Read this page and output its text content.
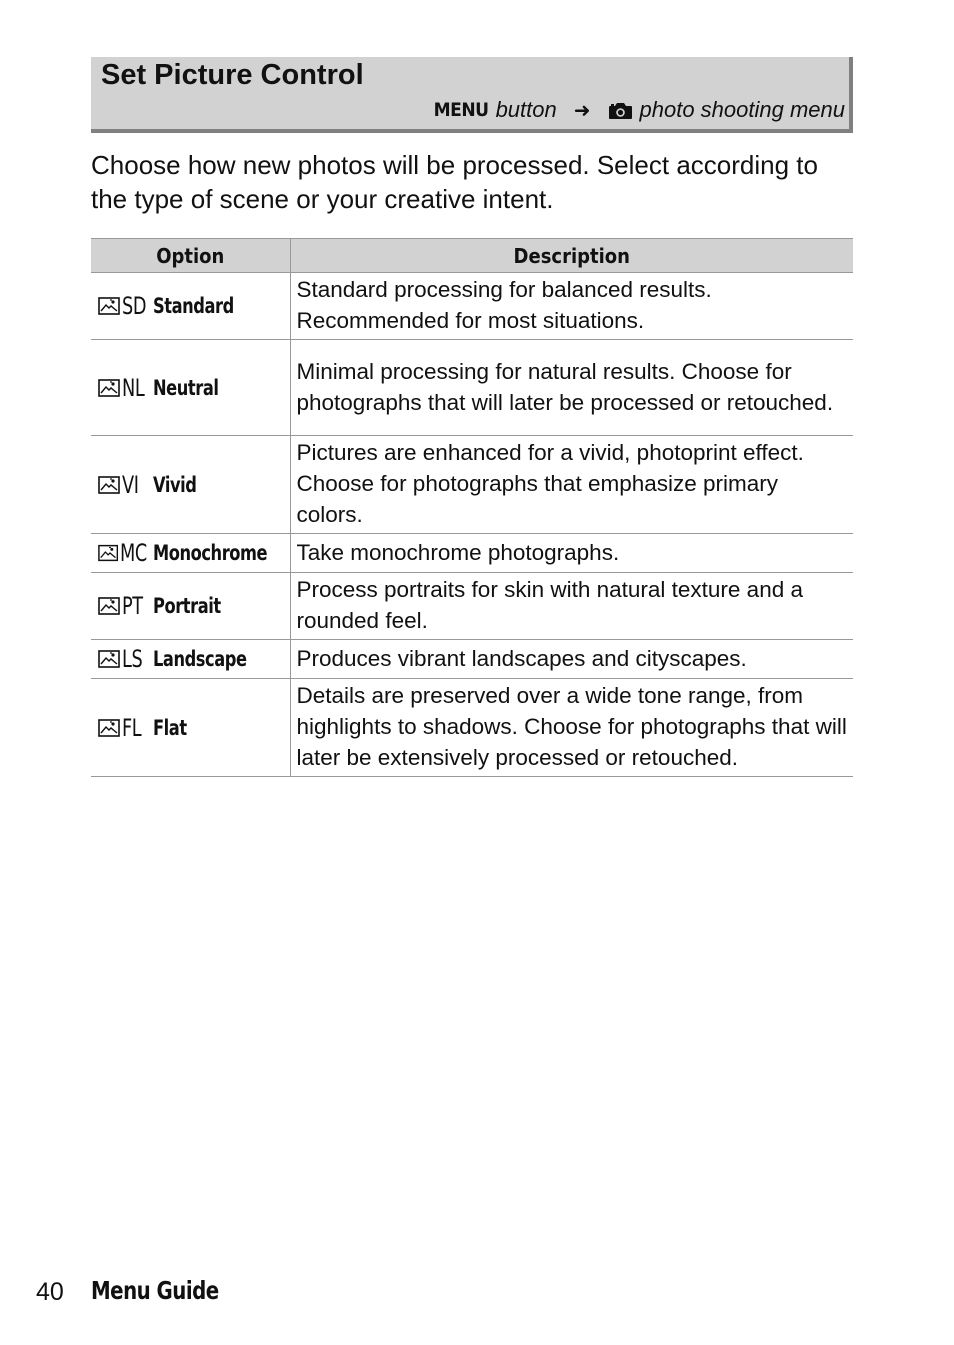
Set Picture Control
MENU button ➜ photo shooting menu
Choose how new photos will be processed. Select according to the type of scene or your creative intent.
Option	Description

SD Standard	Standard processing for balanced results. Recommended for most situations.

NL Neutral	Minimal processing for natural results. Choose for photographs that will later be processed or retouched.

VI Vivid	Pictures are enhanced for a vivid, photoprint effect. Choose for photographs that emphasize primary colors.

MC Monochrome	Take monochrome photographs.

PT Portrait	Process portraits for skin with natural texture and a rounded feel.

LS Landscape	Produces vibrant landscapes and cityscapes.

FL Flat	Details are preserved over a wide tone range, from highlights to shadows. Choose for photographs that will later be extensively processed or retouched.
40 Menu Guide
